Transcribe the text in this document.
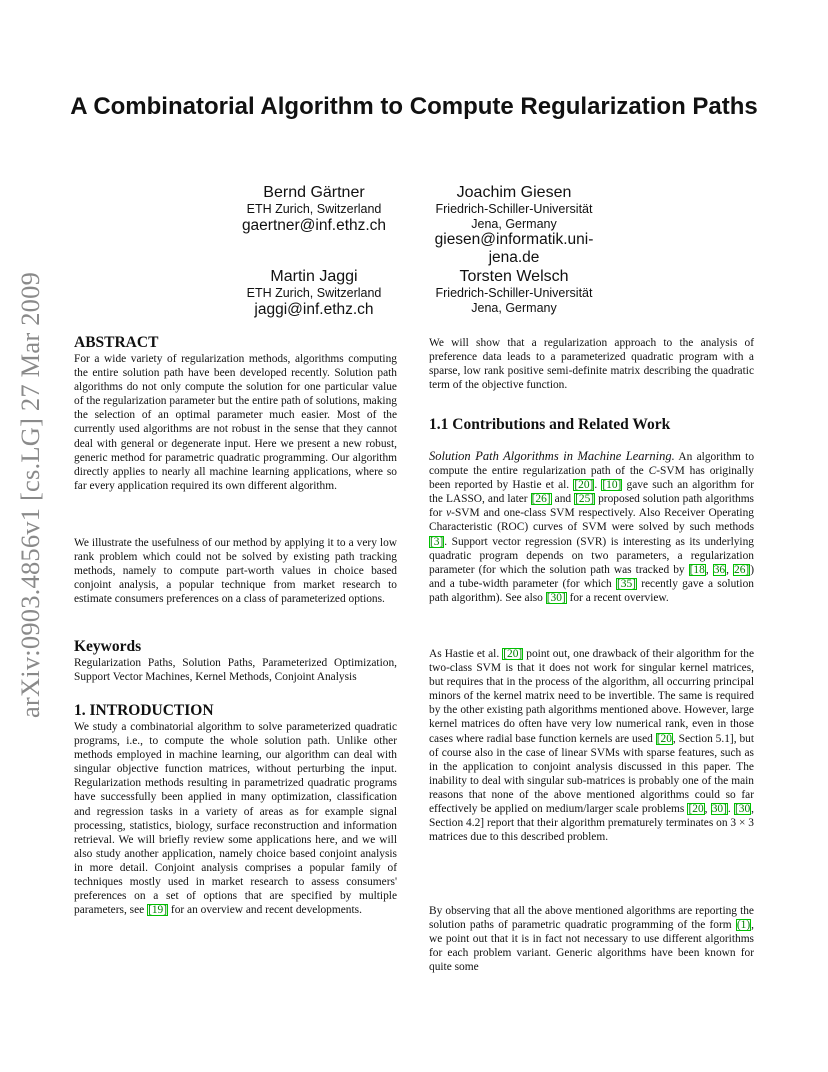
arXiv:0903.4856v1 [cs.LG] 27 Mar 2009
A Combinatorial Algorithm to Compute Regularization Paths
Bernd Gärtner
ETH Zurich, Switzerland
gaertner@inf.ethz.ch
Joachim Giesen
Friedrich-Schiller-Universität
Jena, Germany
giesen@informatik.uni-
jena.de
Martin Jaggi
ETH Zurich, Switzerland
jaggi@inf.ethz.ch
Torsten Welsch
Friedrich-Schiller-Universität
Jena, Germany
ABSTRACT

For a wide variety of regularization methods, algorithms computing the entire solution path have been developed recently. Solution path algorithms do not only compute the solution for one particular value of the regularization parameter but the entire path of solutions, making the selection of an optimal parameter much easier. Most of the currently used algorithms are not robust in the sense that they cannot deal with general or degenerate input. Here we present a new robust, generic method for parametric quadratic programming. Our algorithm directly applies to nearly all machine learning applications, where so far every application required its own different algorithm.

We illustrate the usefulness of our method by applying it to a very low rank problem which could not be solved by existing path tracking methods, namely to compute part-worth values in choice based conjoint analysis, a popular technique from market research to estimate consumers preferences on a class of parameterized options.

Keywords

Regularization Paths, Solution Paths, Parameterized Optimization, Support Vector Machines, Kernel Methods, Conjoint Analysis

1. INTRODUCTION

We study a combinatorial algorithm to solve parameterized quadratic programs, i.e., to compute the whole solution path. Unlike other methods employed in machine learning, our algorithm can deal with singular objective function matrices, without perturbing the input. Regularization methods resulting in parametrized quadratic programs have successfully been applied in many optimization, classification and regression tasks in a variety of areas as for example signal processing, statistics, biology, surface reconstruction and information retrieval. We will briefly review some applications here, and we will also study another application, namely choice based conjoint analysis in more detail. Conjoint analysis comprises a popular family of techniques mostly used in market research to assess consumers' preferences on a set of options that are specified by multiple parameters, see [19] for an overview and recent developments.

We will show that a regularization approach to the analysis of preference data leads to a parameterized quadratic program with a sparse, low rank positive semi-definite matrix describing the quadratic term of the objective function.

1.1 Contributions and Related Work

Solution Path Algorithms in Machine Learning. An algorithm to compute the entire regularization path of the C-SVM has originally been reported by Hastie et al. [20]. [10] gave such an algorithm for the LASSO, and later [26] and [25] proposed solution path algorithms for ν-SVM and one-class SVM respectively. Also Receiver Operating Characteristic (ROC) curves of SVM were solved by such methods [3]. Support vector regression (SVR) is interesting as its underlying quadratic program depends on two parameters, a regularization parameter (for which the solution path was tracked by [18, 36, 26]) and a tube-width parameter (for which [35] recently gave a solution path algorithm). See also [30] for a recent overview.

As Hastie et al. [20] point out, one drawback of their algorithm for the two-class SVM is that it does not work for singular kernel matrices, but requires that in the process of the algorithm, all occurring principal minors of the kernel matrix need to be invertible. The same is required by the other existing path algorithms mentioned above. However, large kernel matrices do often have very low numerical rank, even in those cases where radial base function kernels are used [20, Section 5.1], but of course also in the case of linear SVMs with sparse features, such as in the application to conjoint analysis discussed in this paper. The inability to deal with singular sub-matrices is probably one of the main reasons that none of the above mentioned algorithms could so far effectively be applied on medium/larger scale problems [20, 30]. [30, Section 4.2] report that their algorithm prematurely terminates on 3 × 3 matrices due to this described problem.

By observing that all the above mentioned algorithms are reporting the solution paths of parametric quadratic programming of the form (1), we point out that it is in fact not necessary to use different algorithms for each problem variant. Generic algorithms have been known for quite some
